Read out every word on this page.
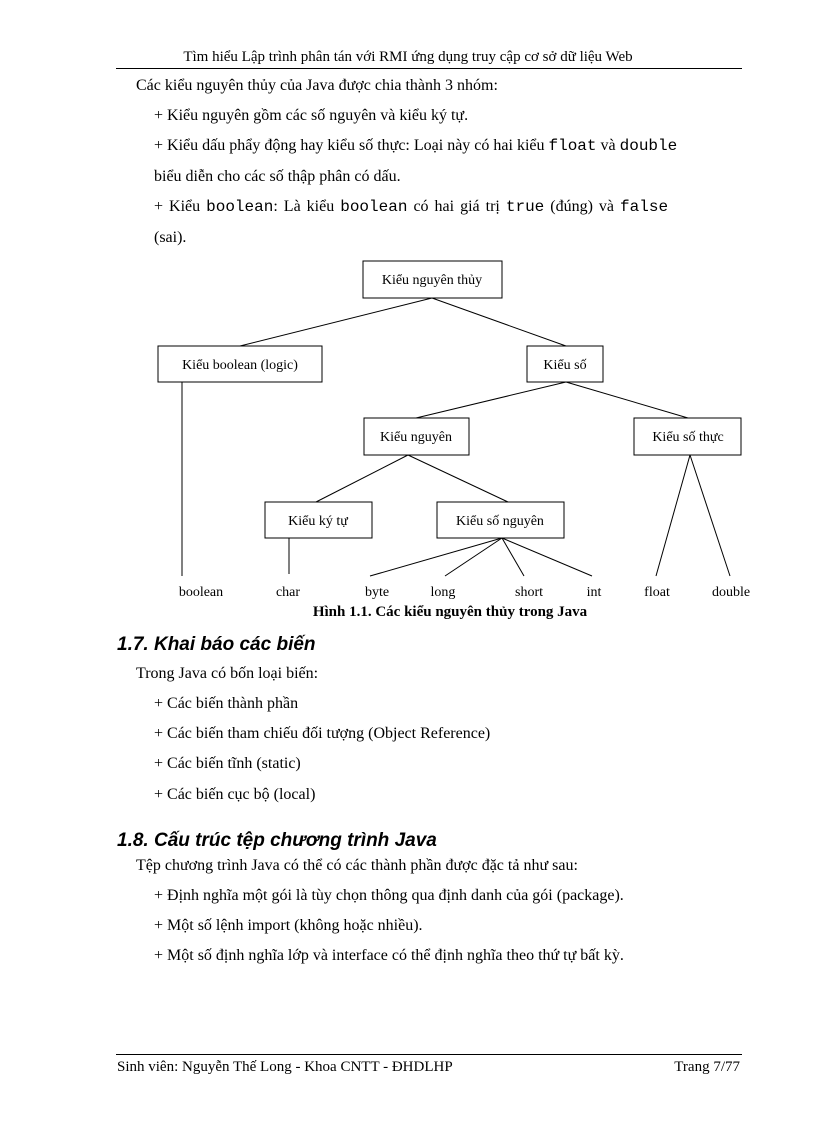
Tìm hiểu Lập trình phân tán với RMI ứng dụng truy cập cơ sở dữ liệu Web
Các kiểu nguyên thủy của Java được chia thành 3 nhóm:
+ Kiểu nguyên gồm các số nguyên và kiểu ký tự.
+ Kiểu dấu phẩy động hay kiểu số thực: Loại này có hai kiểu float và double
biểu diễn cho các số thập phân có dấu.
+ Kiểu boolean: Là kiểu boolean có hai giá trị true (đúng) và false
(sai).
Kiểu nguyên thủy
Kiểu boolean (logic)	Kiểu số
Kiểu nguyên	Kiểu số thực
Kiểu ký tự	Kiểu số nguyên
boolean	char	byte	long	short	int	float	double
Hình 1.1. Các kiểu nguyên thủy trong Java
1.7. Khai báo các biến
Trong Java có bốn loại biến:
+ Các biến thành phần
+ Các biến tham chiếu đối tượng (Object Reference)
+ Các biến tĩnh (static)
+ Các biến cục bộ (local)
1.8. Cấu trúc tệp chương trình Java
Tệp chương trình Java có thể có các thành phần được đặc tả như sau:
+ Định nghĩa một gói là tùy chọn thông qua định danh của gói (package).
+ Một số lệnh import (không hoặc nhiều).
+ Một số định nghĩa lớp và interface có thể định nghĩa theo thứ tự bất kỳ.
Sinh viên: Nguyễn Thế Long - Khoa CNTT - ĐHDLHP	Trang 7/77
